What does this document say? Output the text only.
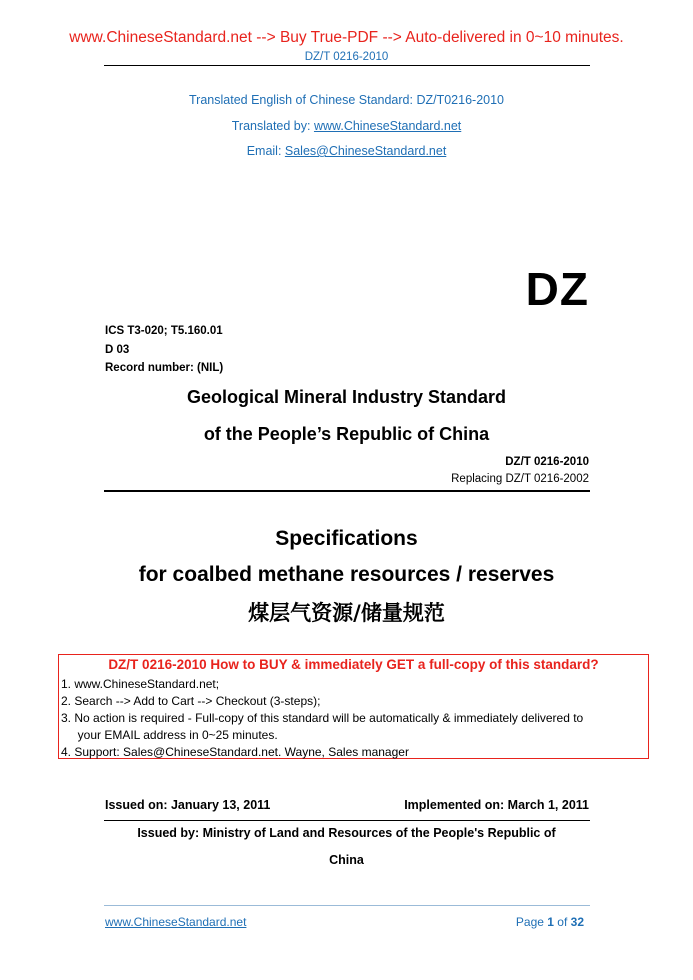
www.ChineseStandard.net --> Buy True-PDF --> Auto-delivered in 0~10 minutes.
DZ/T 0216-2010
Translated English of Chinese Standard: DZ/T0216-2010
Translated by: www.ChineseStandard.net
Email: Sales@ChineseStandard.net
DZ
ICS T3-020; T5.160.01
D 03
Record number: (NIL)
Geological Mineral Industry Standard
of the People’s Republic of China
DZ/T 0216-2010
Replacing DZ/T 0216-2002
Specifications
for coalbed methane resources / reserves
煤层气资源/储量规范
DZ/T 0216-2010 How to BUY & immediately GET a full-copy of this standard?
1. www.ChineseStandard.net;
2. Search --> Add to Cart --> Checkout (3-steps);
3. No action is required - Full-copy of this standard will be automatically & immediately delivered to
your EMAIL address in 0~25 minutes.
4. Support: Sales@ChineseStandard.net. Wayne, Sales manager
Issued on: January 13, 2011	Implemented on: March 1, 2011
Issued by: Ministry of Land and Resources of the People's Republic of
China
www.ChineseStandard.net	Page 1 of 32
